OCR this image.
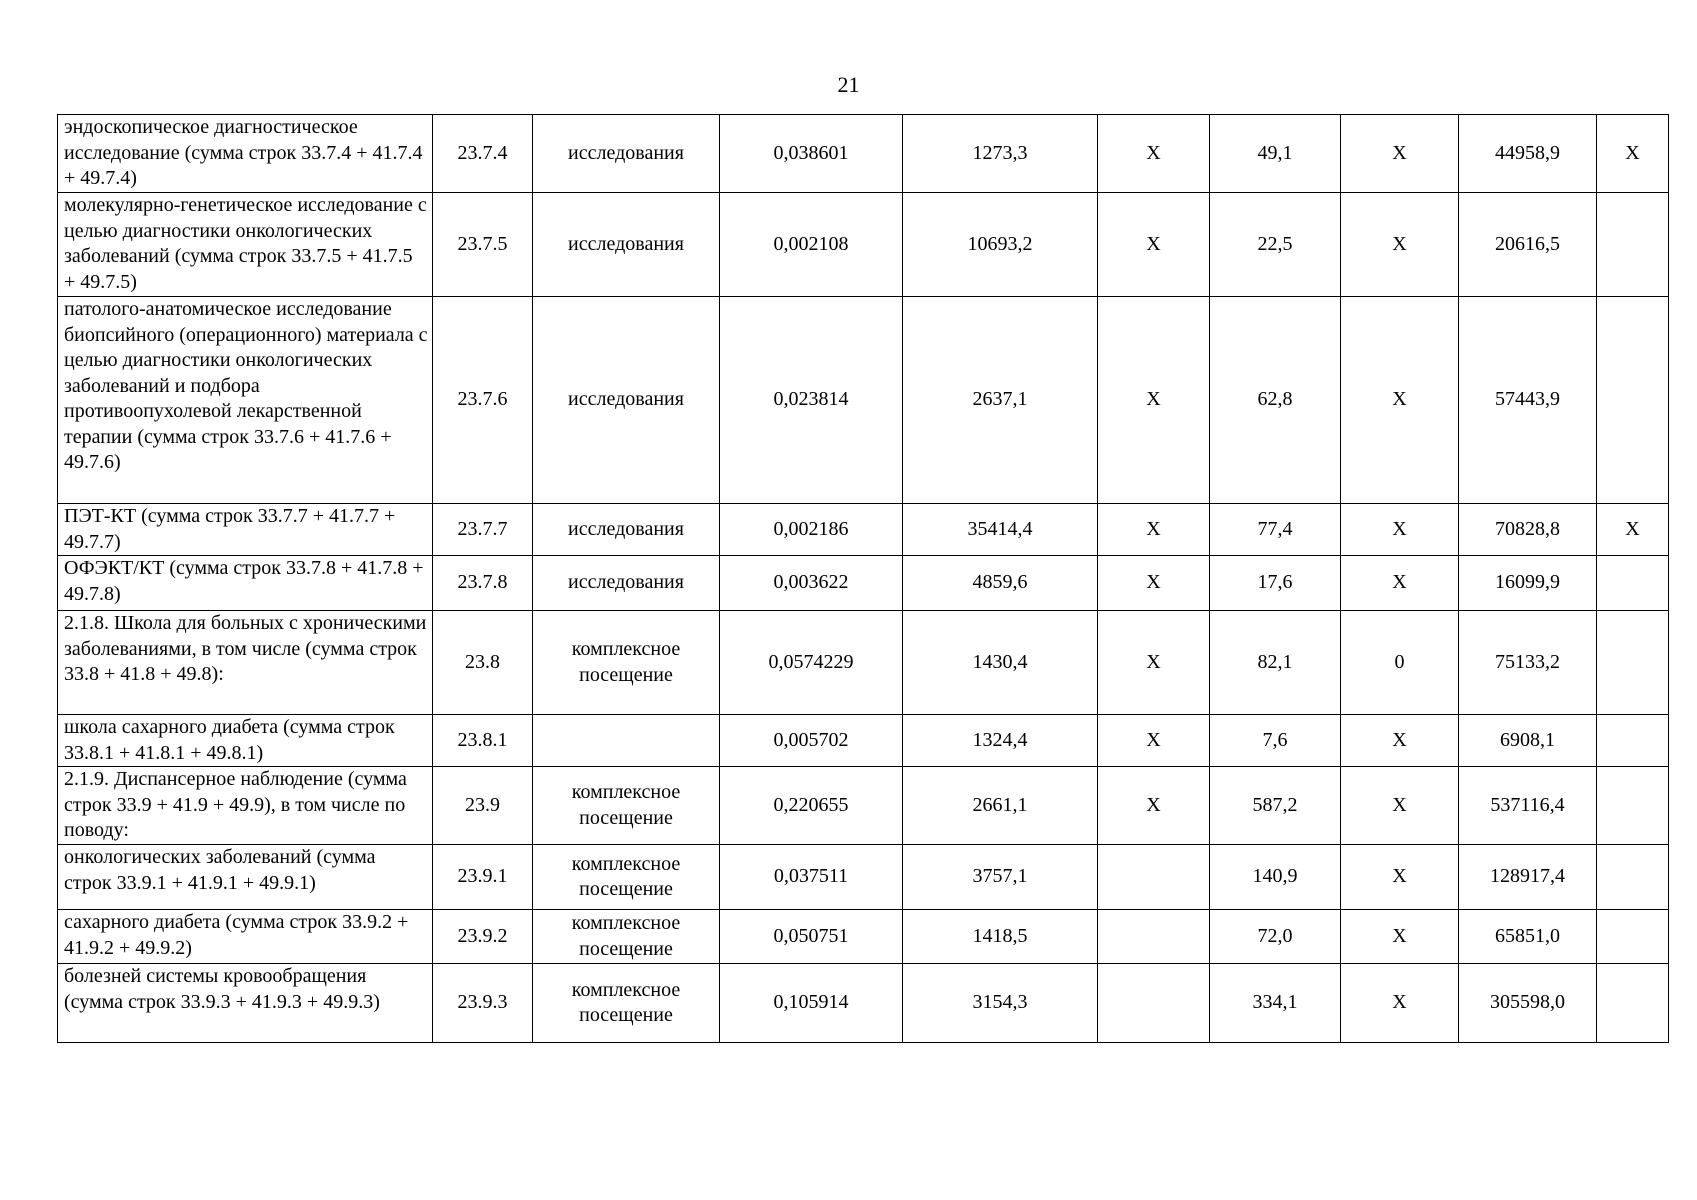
21
эндоскопическое диагностическое исследование (сумма строк 33.7.4 + 41.7.4 + 49.7.4)	23.7.4	исследования	0,038601	1273,3	X	49,1	X	44958,9	X
молекулярно-генетическое исследование с целью диагностики онкологических заболеваний (сумма строк 33.7.5 + 41.7.5 + 49.7.5)	23.7.5	исследования	0,002108	10693,2	X	22,5	X	20616,5	
патолого-анатомическое исследование биопсийного (операционного) материала с целью диагностики онкологических заболеваний и подбора противоопухолевой лекарственной терапии (сумма строк 33.7.6 + 41.7.6 + 49.7.6)	23.7.6	исследования	0,023814	2637,1	X	62,8	X	57443,9	
ПЭТ-КТ (сумма строк 33.7.7 + 41.7.7 + 49.7.7)	23.7.7	исследования	0,002186	35414,4	X	77,4	X	70828,8	X
ОФЭКТ/КТ (сумма строк 33.7.8 + 41.7.8 + 49.7.8)	23.7.8	исследования	0,003622	4859,6	X	17,6	X	16099,9	
2.1.8. Школа для больных с хроническими заболеваниями, в том числе (сумма строк 33.8 + 41.8 + 49.8):	23.8	комплексное посещение	0,0574229	1430,4	X	82,1	0	75133,2	
школа сахарного диабета (сумма строк 33.8.1 + 41.8.1 + 49.8.1)	23.8.1		0,005702	1324,4	X	7,6	X	6908,1	
2.1.9. Диспансерное наблюдение (сумма строк 33.9 + 41.9 + 49.9), в том числе по поводу:	23.9	комплексное посещение	0,220655	2661,1	X	587,2	X	537116,4	
онкологических заболеваний (сумма строк 33.9.1 + 41.9.1 + 49.9.1)	23.9.1	комплексное посещение	0,037511	3757,1		140,9	X	128917,4	
сахарного диабета (сумма строк 33.9.2 + 41.9.2 + 49.9.2)	23.9.2	комплексное посещение	0,050751	1418,5		72,0	X	65851,0	
болезней системы кровообращения (сумма строк 33.9.3 + 41.9.3 + 49.9.3)	23.9.3	комплексное посещение	0,105914	3154,3		334,1	X	305598,0	
